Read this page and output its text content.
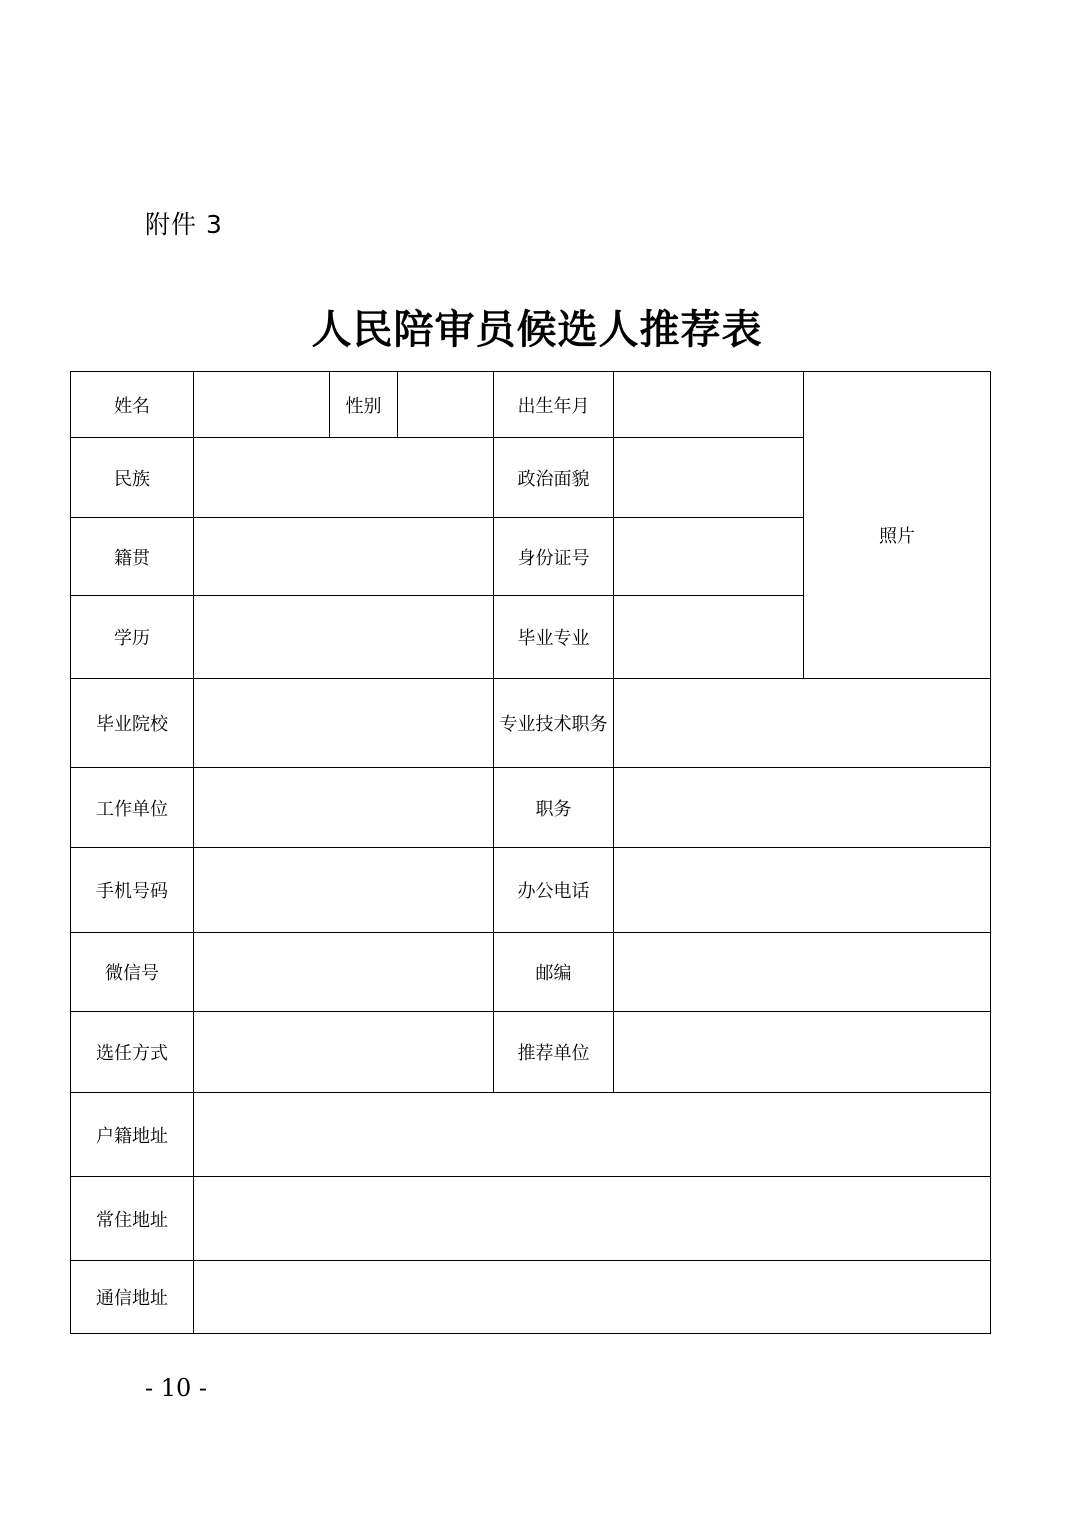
附件 3
人民陪审员候选人推荐表
姓名		性别		出生年月		照片
民族				政治面貌		
籍贯				身份证号		
学历				毕业专业		
毕业院校				专业技术职务		
工作单位				职务		
手机号码				办公电话		
微信号				邮编		
选任方式				推荐单位		
户籍地址						
常住地址						
通信地址						
- 10 -
